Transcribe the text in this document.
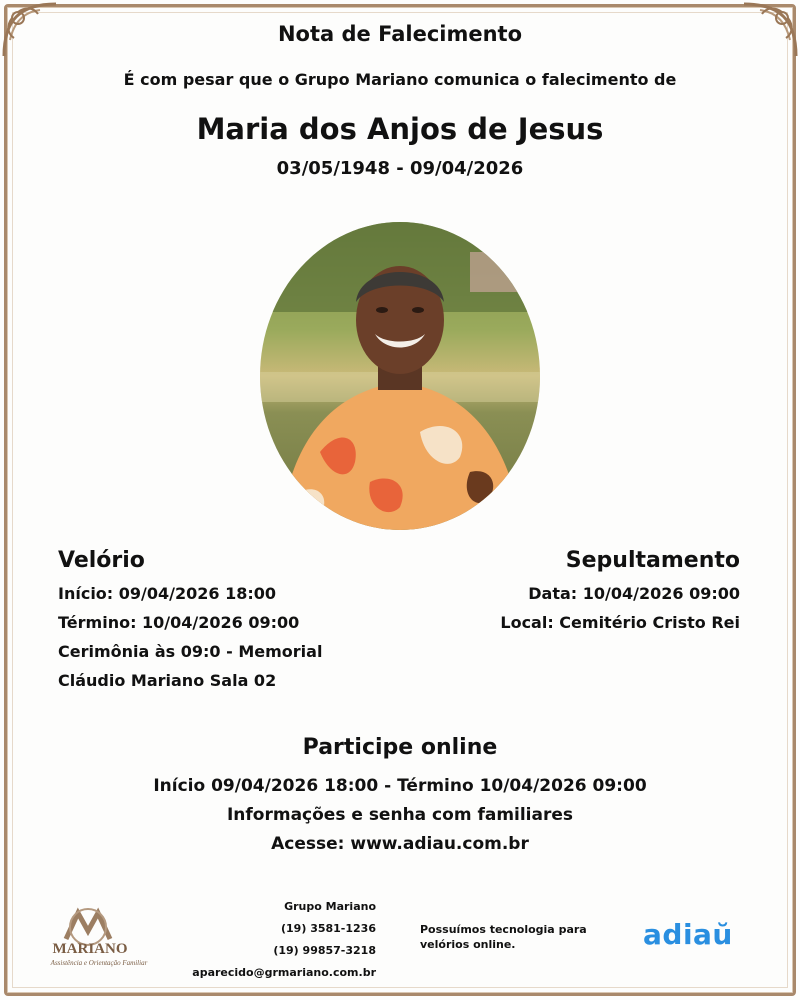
Nota de Falecimento
É com pesar que o Grupo Mariano comunica o falecimento de
Maria dos Anjos de Jesus
03/05/1948 - 09/04/2026
Velório
Início: 09/04/2026 18:00
Término: 10/04/2026 09:00
Cerimônia às 09:0 - Memorial
Cláudio Mariano Sala 02
Sepultamento
Data: 10/04/2026 09:00
Local: Cemitério Cristo Rei
Participe online
Início 09/04/2026 18:00 - Término 10/04/2026 09:00
Informações e senha com familiares
Acesse: www.adiau.com.br
MARIANO
Assistência e Orientação Familiar
Grupo Mariano
(19) 3581-1236
(19) 99857-3218
aparecido@grmariano.com.br
Possuímos tecnologia para velórios online.	adiaŭ
